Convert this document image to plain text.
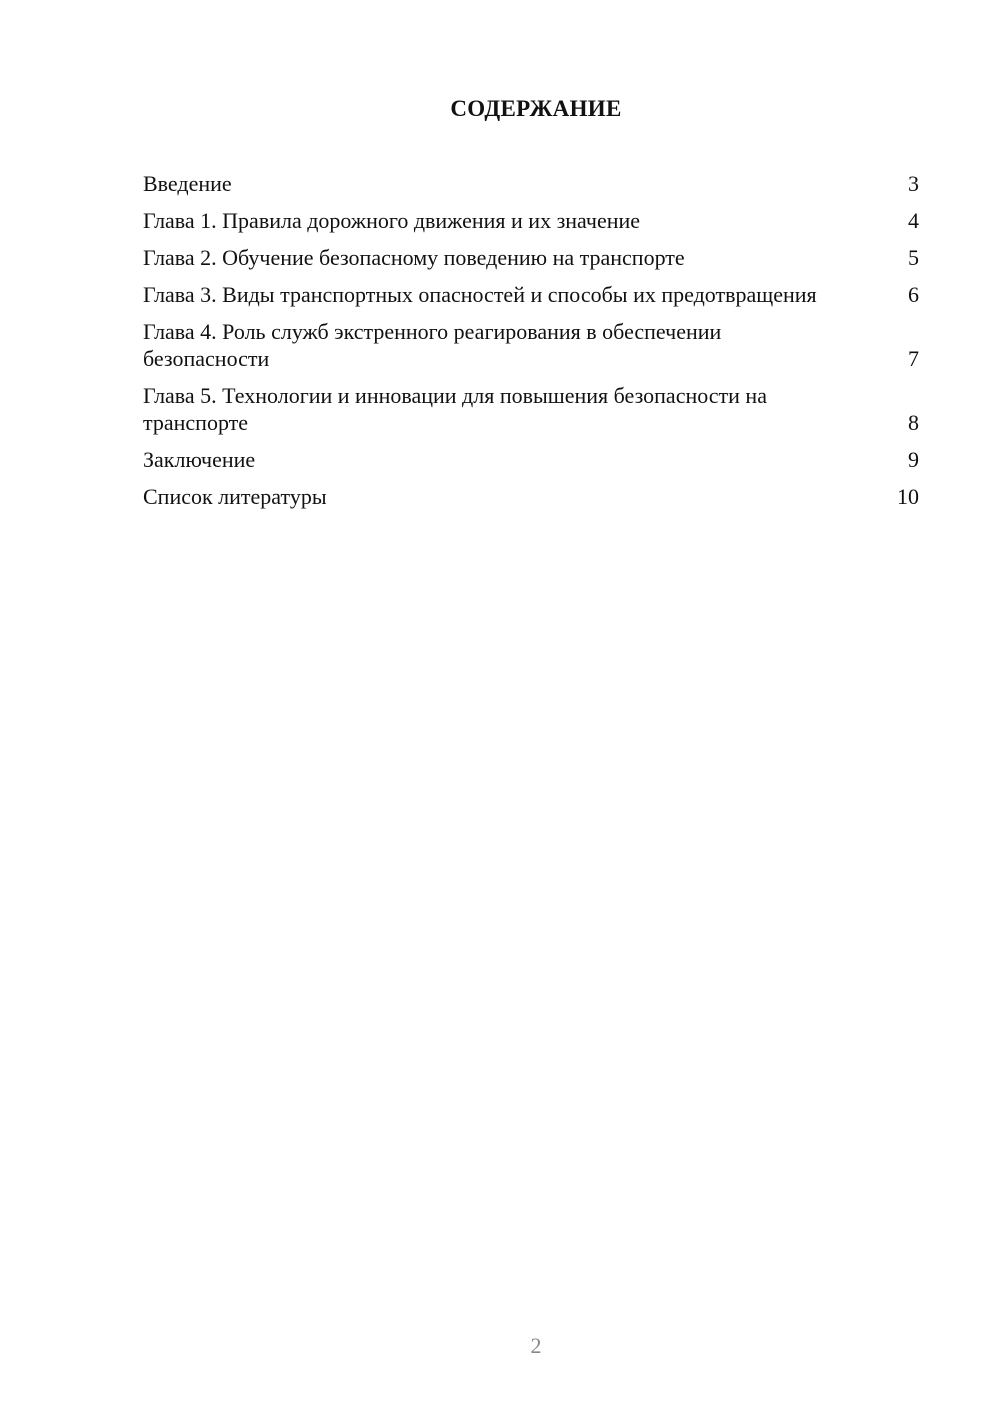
СОДЕРЖАНИЕ
Введение	3
Глава 1. Правила дорожного движения и их значение	4
Глава 2. Обучение безопасному поведению на транспорте	5
Глава 3. Виды транспортных опасностей и способы их предотвращения	6
Глава 4. Роль служб экстренного реагирования в обеспечении безопасности	7
Глава 5. Технологии и инновации для повышения безопасности на транспорте	8
Заключение	9
Список литературы	10
2
